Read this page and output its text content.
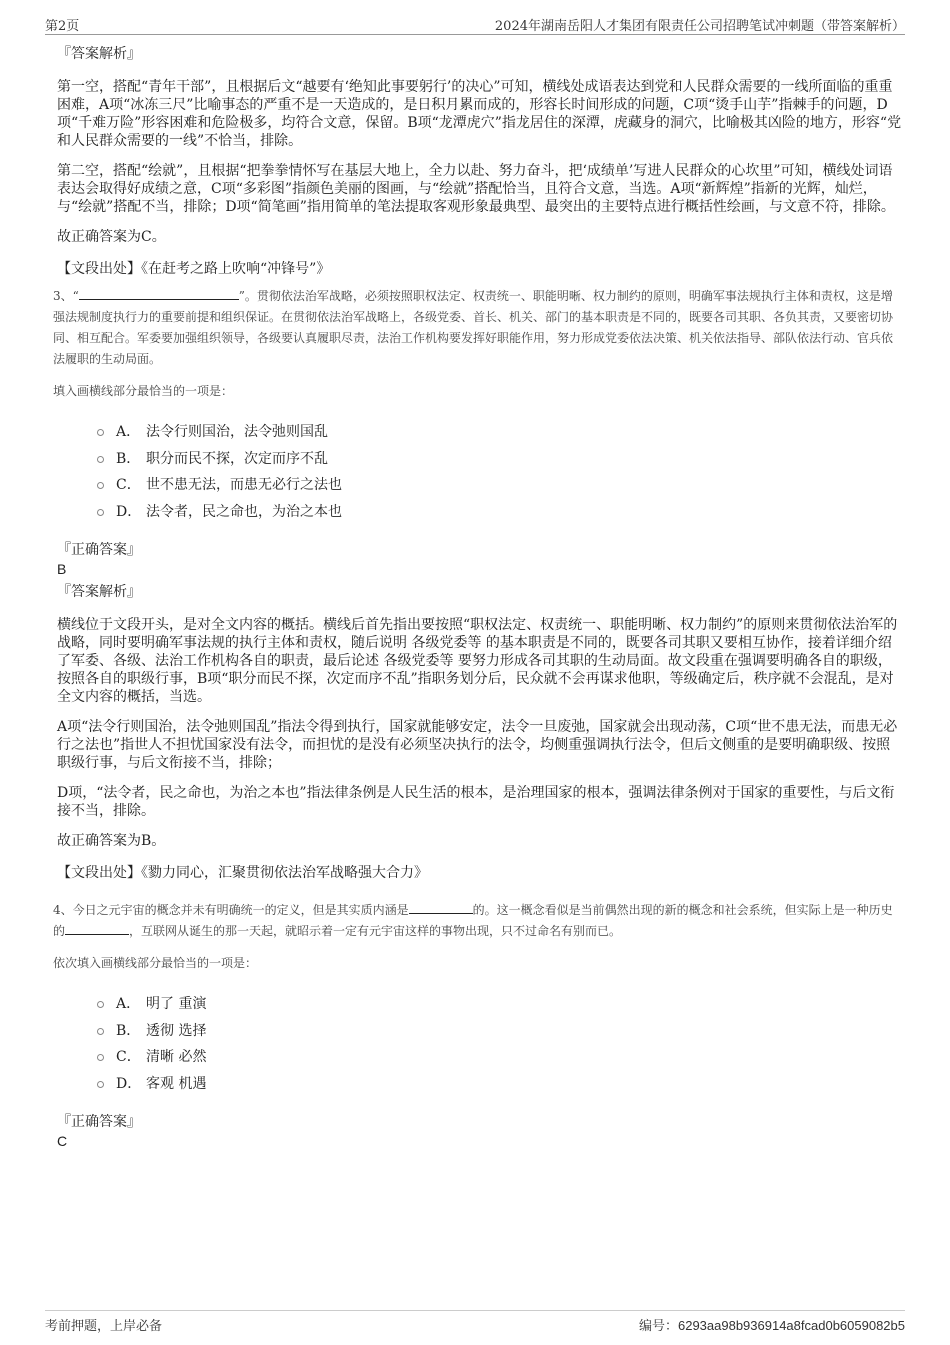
第2页	2024年湖南岳阳人才集团有限责任公司招聘笔试冲刺题（带答案解析）
『答案解析』

第一空，搭配“青年干部”，且根据后文“越要有‘绝知此事要躬行’的决心”可知，横线处成语表达到党和人民群众需要的一线所面临的重重困难，A项“冰冻三尺”比喻事态的严重不是一天造成的，是日积月累而成的，形容长时间形成的问题，C项“烫手山芋”指棘手的问题，D项“千难万险”形容困难和危险极多，均符合文意，保留。B项“龙潭虎穴”指龙居住的深潭，虎藏身的洞穴，比喻极其凶险的地方，形容“党和人民群众需要的一线”不恰当，排除。

第二空，搭配“绘就”，且根据“把拳拳情怀写在基层大地上，全力以赴、努力奋斗，把‘成绩单’写进人民群众的心坎里”可知，横线处词语表达会取得好成绩之意，C项“多彩图”指颜色美丽的图画，与“绘就”搭配恰当，且符合文意，当选。A项“新辉煌”指新的光辉，灿烂，与“绘就”搭配不当，排除；D项“简笔画”指用简单的笔法提取客观形象最典型、最突出的主要特点进行概括性绘画，与文意不符，排除。

故正确答案为C。

【文段出处】《在赶考之路上吹响“冲锋号”》

3、“	”。贯彻依法治军战略，必须按照职权法定、权责统一、职能明晰、权力制约的原则，明确军事法规执行主体和责权，这是增强法规制度执行力的重要前提和组织保证。在贯彻依法治军战略上，各级党委、首长、机关、部门的基本职责是不同的，既要各司其职、各负其责，又要密切协同、相互配合。军委要加强组织领导，各级要认真履职尽责，法治工作机构要发挥好职能作用，努力形成党委依法决策、机关依法指导、部队依法行动、官兵依法履职的生动局面。

填入画横线部分最恰当的一项是：

A． 法令行则国治，法令弛则国乱
B． 职分而民不探，次定而序不乱
C． 世不患无法，而患无必行之法也
D． 法令者，民之命也，为治之本也
『正确答案』
B
『答案解析』

横线位于文段开头，是对全文内容的概括。横线后首先指出要按照“职权法定、权责统一、职能明晰、权力制约”的原则来贯彻依法治军的战略，同时要明确军事法规的执行主体和责权，随后说明 各级党委等 的基本职责是不同的，既要各司其职又要相互协作，接着详细介绍了军委、各级、法治工作机构各自的职责，最后论述 各级党委等 要努力形成各司其职的生动局面。故文段重在强调要明确各自的职级，按照各自的职级行事，B项“职分而民不探，次定而序不乱”指职务划分后，民众就不会再谋求他职，等级确定后，秩序就不会混乱，是对全文内容的概括，当选。

A项“法令行则国治，法令弛则国乱”指法令得到执行，国家就能够安定，法令一旦废弛，国家就会出现动荡，C项“世不患无法，而患无必行之法也”指世人不担忧国家没有法令，而担忧的是没有必须坚决执行的法令，均侧重强调执行法令，但后文侧重的是要明确职级、按照职级行事，与后文衔接不当，排除；

D项，“法令者，民之命也，为治之本也”指法律条例是人民生活的根本，是治理国家的根本，强调法律条例对于国家的重要性，与后文衔接不当，排除。

故正确答案为B。

【文段出处】《勠力同心，汇聚贯彻依法治军战略强大合力》

4、今日之元宇宙的概念并未有明确统一的定义，但是其实质内涵是	的。这一概念看似是当前偶然出现的新的概念和社会系统，但实际上是一种历史的	，互联网从诞生的那一天起，就昭示着一定有元宇宙这样的事物出现，只不过命名有别而已。

依次填入画横线部分最恰当的一项是：

A． 明了 重演
B． 透彻 选择
C． 清晰 必然
D． 客观 机遇
『正确答案』
C
考前押题，上岸必备	编号：6293aa98b936914a8fcad0b6059082b5
